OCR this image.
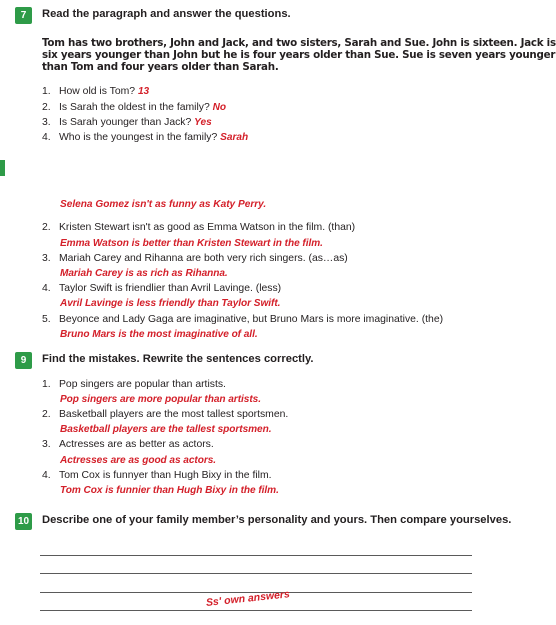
7	Read the paragraph and answer the questions.
Tom has two brothers, John and Jack, and two sisters, Sarah and Sue. John is sixteen. Jack is
six years younger than John but he is four years older than Sue. Sue is seven years younger
than Tom and four years older than Sarah.
1. How old is Tom? 13
2. Is Sarah the oldest in the family? No
3. Is Sarah younger than Jack? Yes
4. Who is the youngest in the family? Sarah
Selena Gomez isn't as funny as Katy Perry.
2. Kristen Stewart isn't as good as Emma Watson in the film. (than)
Emma Watson is better than Kristen Stewart in the film.
3. Mariah Carey and Rihanna are both very rich singers. (as…as)
Mariah Carey is as rich as Rihanna.
4. Taylor Swift is friendlier than Avril Lavinge. (less)
Avril Lavinge is less friendly than Taylor Swift.
5. Beyonce and Lady Gaga are imaginative, but Bruno Mars is more imaginative. (the)
Bruno Mars is the most imaginative of all.
9	Find the mistakes. Rewrite the sentences correctly.
1. Pop singers are popular than artists.
Pop singers are more popular than artists.
2. Basketball players are the most tallest sportsmen.
Basketball players are the tallest sportsmen.
3. Actresses are as better as actors.
Actresses are as good as actors.
4. Tom Cox is funnyer than Hugh Bixy in the film.
Tom Cox is funnier than Hugh Bixy in the film.
10 Describe one of your family member’s personality and yours. Then compare yourselves.
Ss' own answers
